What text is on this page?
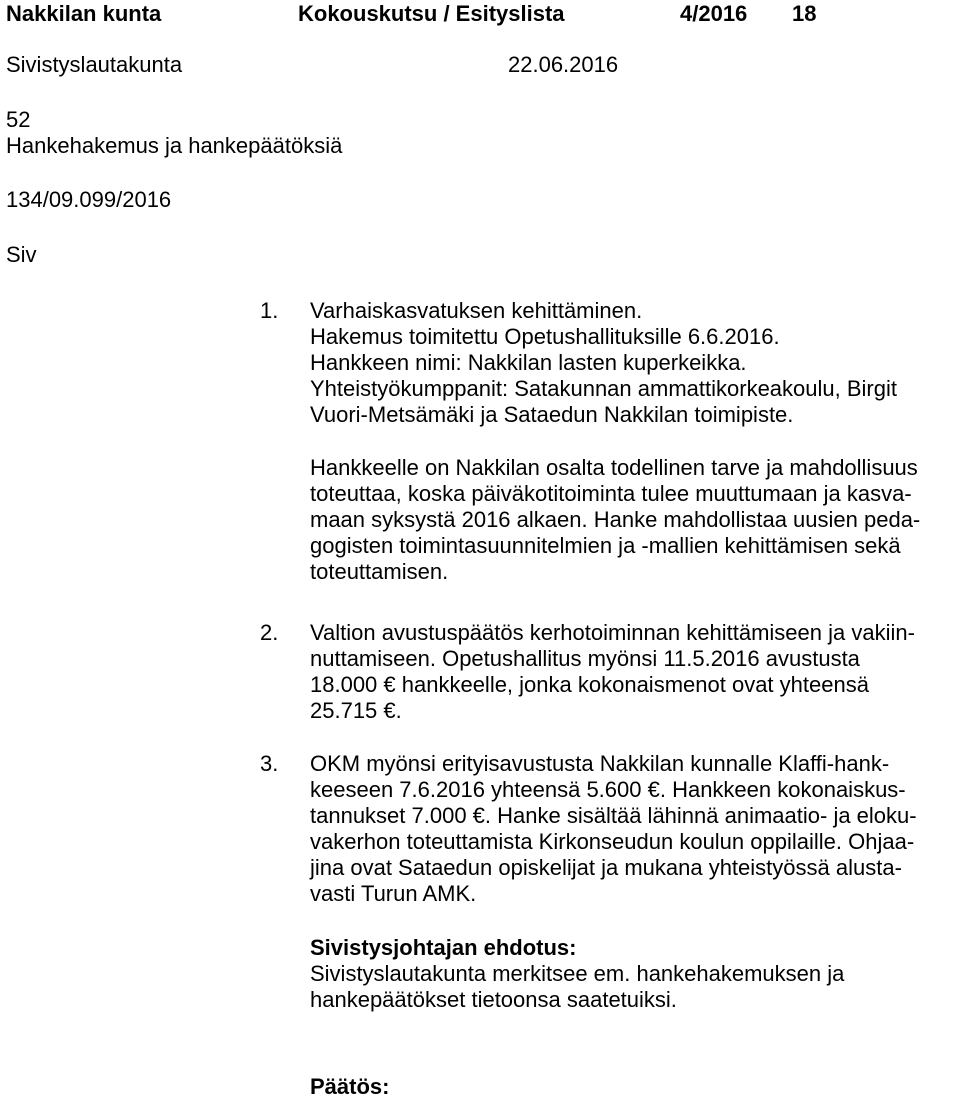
Nakkilan kunta	Kokouskutsu / Esityslista	4/2016 18
Sivistyslautakunta	22.06.2016
52
Hankehakemus ja hankepäätöksiä
134/09.099/2016
Siv
1. Varhaiskasvatuksen kehittäminen.
Hakemus toimitettu Opetushallituksille 6.6.2016.
Hankkeen nimi: Nakkilan lasten kuperkeikka.
Yhteistyökumppanit: Satakunnan ammattikorkeakoulu, Birgit
Vuori-Metsämäki ja Sataedun Nakkilan toimipiste.
Hankkeelle on Nakkilan osalta todellinen tarve ja mahdollisuus
toteuttaa, koska päiväkotitoiminta tulee muuttumaan ja kasva-
maan syksystä 2016 alkaen. Hanke mahdollistaa uusien peda-
gogisten toimintasuunnitelmien ja -mallien kehittämisen sekä
toteuttamisen.
2. Valtion avustuspäätös kerhotoiminnan kehittämiseen ja vakiin-
nuttamiseen. Opetushallitus myönsi 11.5.2016 avustusta
18.000 € hankkeelle, jonka kokonaismenot ovat yhteensä
25.715 €.
3. OKM myönsi erityisavustusta Nakkilan kunnalle Klaffi-hank-
keeseen 7.6.2016 yhteensä 5.600 €. Hankkeen kokonaiskus-
tannukset 7.000 €. Hanke sisältää lähinnä animaatio- ja eloku-
vakerhon toteuttamista Kirkonseudun koulun oppilaille. Ohjaa-
jina ovat Sataedun opiskelijat ja mukana yhteistyössä alusta-
vasti Turun AMK.
Sivistysjohtajan ehdotus:
Sivistyslautakunta merkitsee em. hankehakemuksen ja
hankepäätökset tietoonsa saatetuiksi.
Päätös:
